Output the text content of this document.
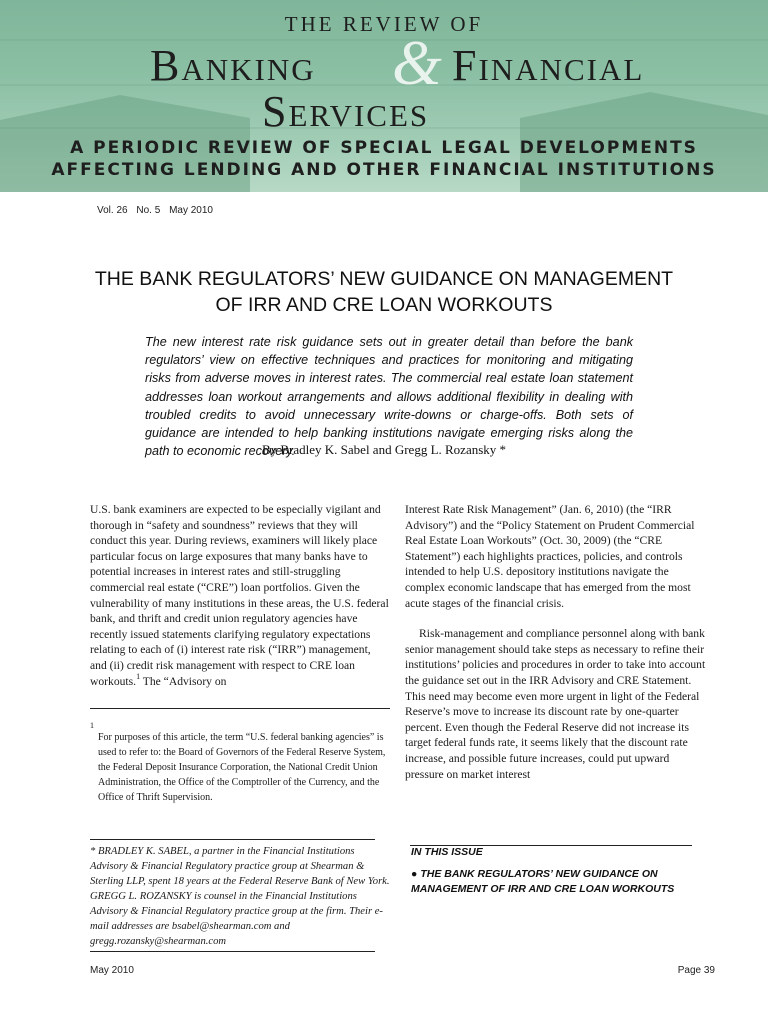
THE REVIEW OF
Banking & Financial
Services
A PERIODIC REVIEW OF SPECIAL LEGAL DEVELOPMENTS
AFFECTING LENDING AND OTHER FINANCIAL INSTITUTIONS
Vol. 26 No. 5 May 2010
THE BANK REGULATORS’ NEW GUIDANCE ON MANAGEMENT OF IRR AND CRE LOAN WORKOUTS
The new interest rate risk guidance sets out in greater detail than before the bank regulators’ view on effective techniques and practices for monitoring and mitigating risks from adverse moves in interest rates. The commercial real estate loan statement addresses loan workout arrangements and allows additional flexibility in dealing with troubled credits to avoid unnecessary write-downs or charge-offs. Both sets of guidance are intended to help banking institutions navigate emerging risks along the path to economic recovery.
By Bradley K. Sabel and Gregg L. Rozansky *

U.S. bank examiners are expected to be especially vigilant and thorough in “safety and soundness” reviews that they will conduct this year. During reviews, examiners will likely place particular focus on large exposures that many banks have to potential increases in interest rates and still-struggling commercial real estate (“CRE”) loan portfolios. Given the vulnerability of many institutions in these areas, the U.S. federal bank, and thrift and credit union regulatory agencies have recently issued statements clarifying regulatory expectations relating to each of (i) interest rate risk (“IRR”) management, and (ii) credit risk management with respect to CRE loan workouts.$^1$ The “Advisory on

Interest Rate Risk Management” (Jan. 6, 2010) (the “IRR Advisory”) and the “Policy Statement on Prudent Commercial Real Estate Loan Workouts” (Oct. 30, 2009) (the “CRE Statement”) each highlights practices, policies, and controls intended to help U.S. depository institutions navigate the complex economic landscape that has emerged from the most acute stages of the financial crisis.

Risk-management and compliance personnel along with bank senior management should take steps as necessary to refine their institutions’ policies and procedures in order to take into account the guidance set out in the IRR Advisory and CRE Statement. This need may become even more urgent in light of the Federal Reserve’s move to increase its discount rate by one-quarter percent. Even though the Federal Reserve did not increase its target federal funds rate, it seems likely that the discount rate increase, and possible future increases, could put upward pressure on market interest

$^1$
For purposes of this article, the term “U.S. federal banking agencies” is used to refer to: the Board of Governors of the Federal Reserve System, the Federal Deposit Insurance Corporation, the National Credit Union Administration, the Office of the Comptroller of the Currency, and the Office of Thrift Supervision.
* BRADLEY K. SABEL, a partner in the Financial Institutions Advisory & Financial Regulatory practice group at Shearman & Sterling LLP, spent 18 years at the Federal Reserve Bank of New York. GREGG L. ROZANSKY is counsel in the Financial Institutions Advisory & Financial Regulatory practice group at the firm. Their e-mail addresses are bsabel@shearman.com and gregg.rozansky@shearman.com
IN THIS ISSUE
● THE BANK REGULATORS’ NEW GUIDANCE ON MANAGEMENT OF IRR AND CRE LOAN WORKOUTS
May 2010	Page 39
